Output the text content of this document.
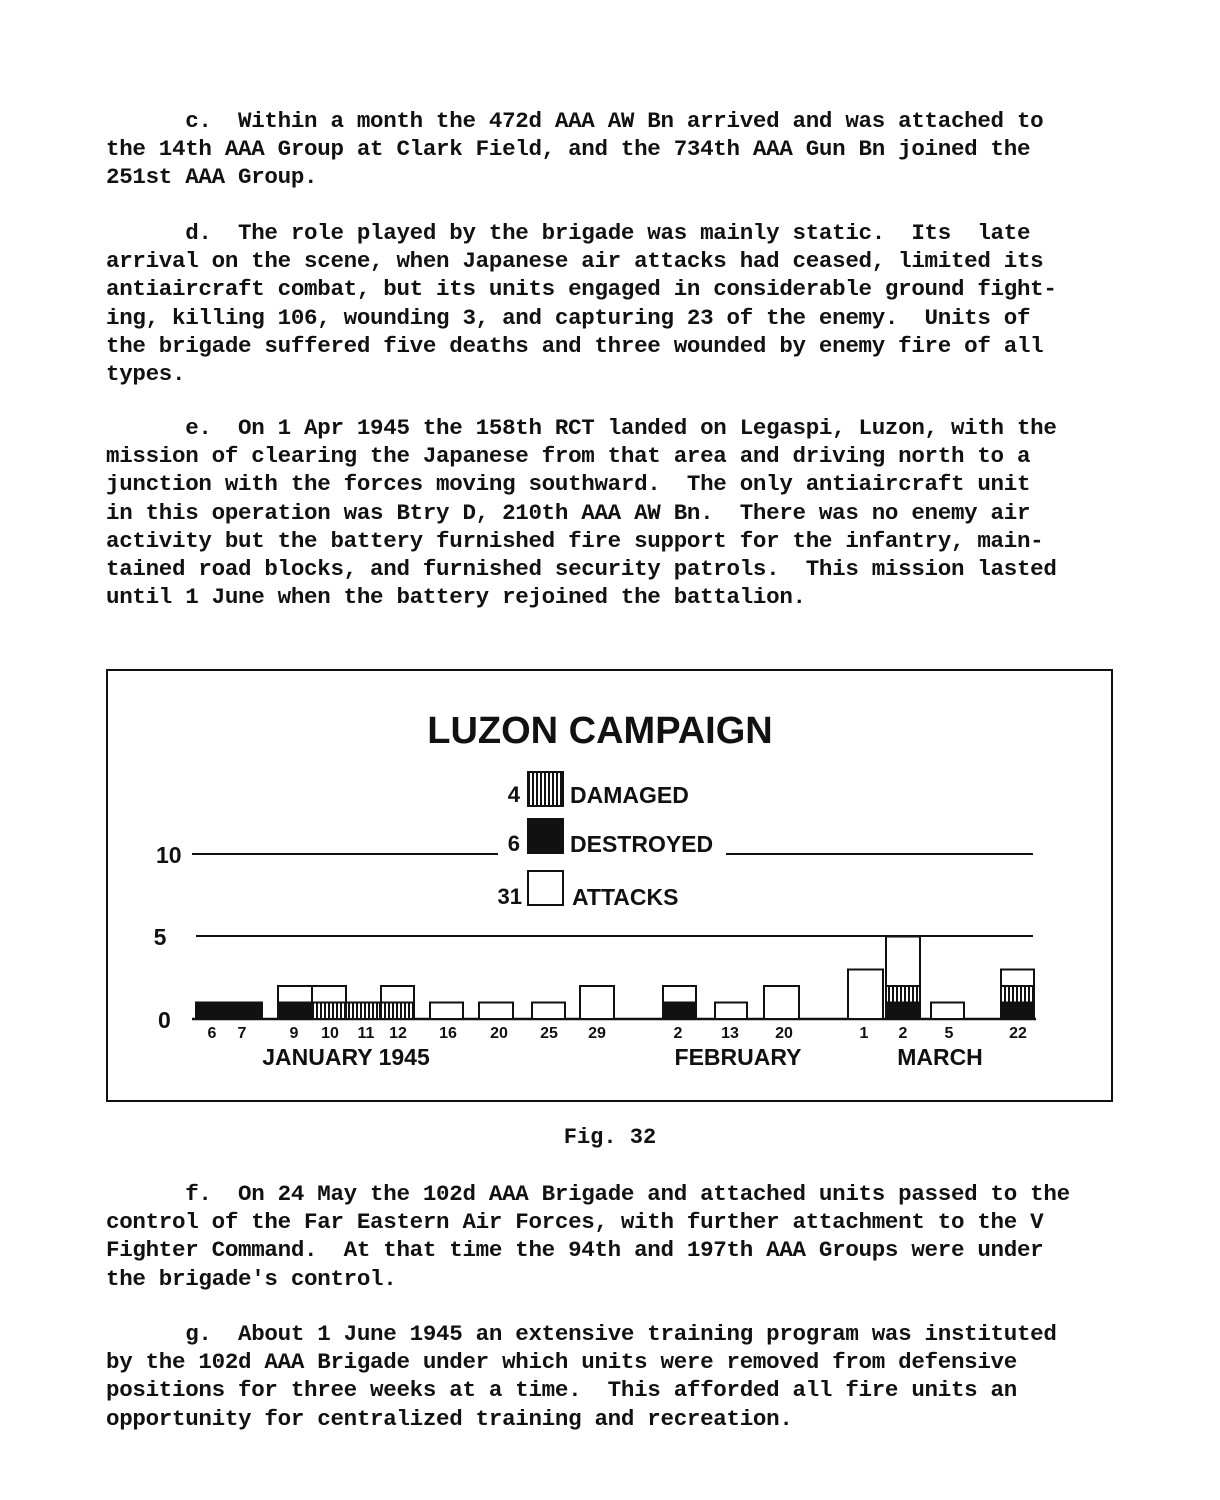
c.  Within a month the 472d AAA AW Bn arrived and was attached to
the 14th AAA Group at Clark Field, and the 734th AAA Gun Bn joined the
251st AAA Group.

d.  The role played by the brigade was mainly static.  Its  late
arrival on the scene, when Japanese air attacks had ceased, limited its
antiaircraft combat, but its units engaged in considerable ground fight-
ing, killing 106, wounding 3, and capturing 23 of the enemy.  Units of
the brigade suffered five deaths and three wounded by enemy fire of all
types.

e.  On 1 Apr 1945 the 158th RCT landed on Legaspi, Luzon, with the
mission of clearing the Japanese from that area and driving north to a
junction with the forces moving southward.  The only antiaircraft unit
in this operation was Btry D, 210th AAA AW Bn.  There was no enemy air
activity but the battery furnished fire support for the infantry, main-
tained road blocks, and furnished security patrols.  This mission lasted
until 1 June when the battery rejoined the battalion.

LUZON CAMPAIGN
4 DAMAGED
6 DESTROYED
31 ATTACKS
0
5
10
6 7	9 10 11 12 16 20 25 29	2 13 20	1 2 5	22
JANUARY 1945	FEBRUARY	MARCH
Fig. 32

f.  On 24 May the 102d AAA Brigade and attached units passed to the
control of the Far Eastern Air Forces, with further attachment to the V
Fighter Command.  At that time the 94th and 197th AAA Groups were under
the brigade's control.

g.  About 1 June 1945 an extensive training program was instituted
by the 102d AAA Brigade under which units were removed from defensive
positions for three weeks at a time.  This afforded all fire units an
opportunity for centralized training and recreation.
